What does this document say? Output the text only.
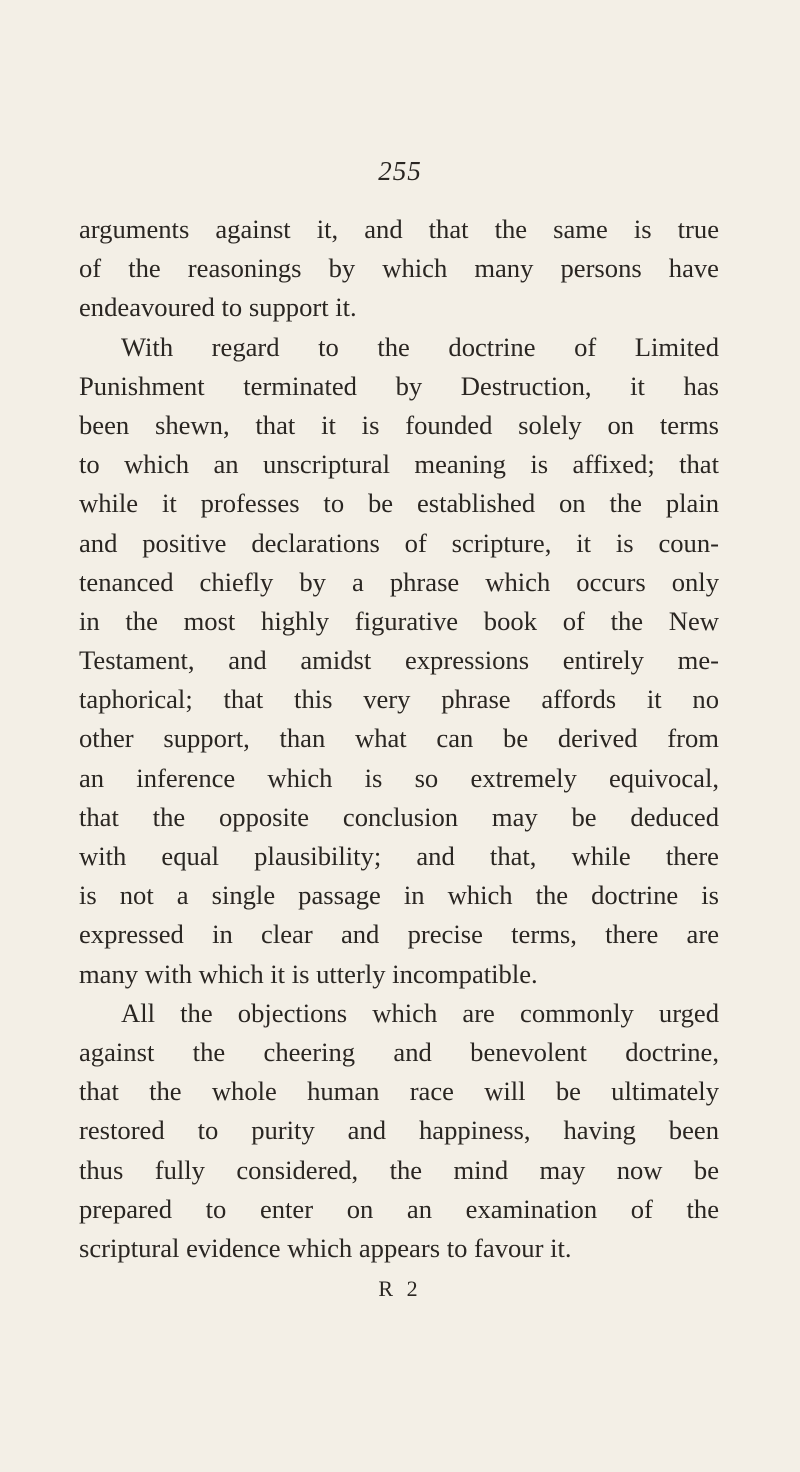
255
arguments against it, and that the same is true
of the reasonings by which many persons have
endeavoured to support it.
With regard to the doctrine of Limited
Punishment terminated by Destruction, it has
been shewn, that it is founded solely on terms
to which an unscriptural meaning is affixed; that
while it professes to be established on the plain
and positive declarations of scripture, it is coun-
tenanced chiefly by a phrase which occurs only
in the most highly figurative book of the New
Testament, and amidst expressions entirely me-
taphorical; that this very phrase affords it no
other support, than what can be derived from
an inference which is so extremely equivocal,
that the opposite conclusion may be deduced
with equal plausibility; and that, while there
is not a single passage in which the doctrine is
expressed in clear and precise terms, there are
many with which it is utterly incompatible.
All the objections which are commonly urged
against the cheering and benevolent doctrine,
that the whole human race will be ultimately
restored to purity and happiness, having been
thus fully considered, the mind may now be
prepared to enter on an examination of the
scriptural evidence which appears to favour it.
R 2
